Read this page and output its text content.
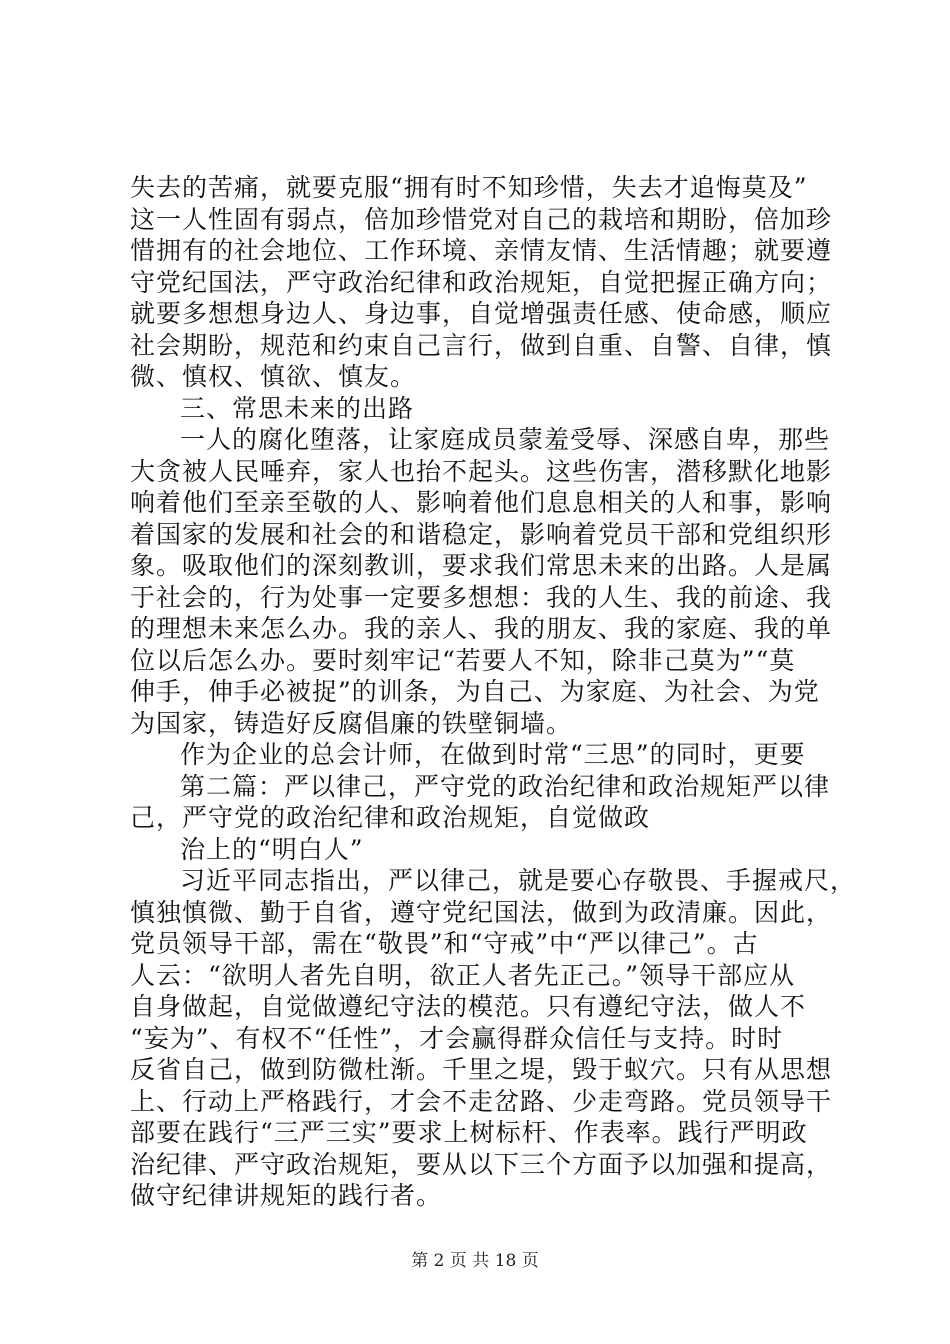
失去的苦痛，就要克服“拥有时不知珍惜，失去才追悔莫及”
这一人性固有弱点，倍加珍惜党对自己的栽培和期盼，倍加珍
惜拥有的社会地位、工作环境、亲情友情、生活情趣；就要遵
守党纪国法，严守政治纪律和政治规矩，自觉把握正确方向；
就要多想想身边人、身边事，自觉增强责任感、使命感，顺应
社会期盼，规范和约束自己言行，做到自重、自警、自律，慎
微、慎权、慎欲、慎友。
三、常思未来的出路
一人的腐化堕落，让家庭成员蒙羞受辱、深感自卑，那些
大贪被人民唾弃，家人也抬不起头。这些伤害，潜移默化地影
响着他们至亲至敬的人、影响着他们息息相关的人和事，影响
着国家的发展和社会的和谐稳定，影响着党员干部和党组织形
象。吸取他们的深刻教训，要求我们常思未来的出路。人是属
于社会的，行为处事一定要多想想：我的人生、我的前途、我
的理想未来怎么办。我的亲人、我的朋友、我的家庭、我的单
位以后怎么办。要时刻牢记“若要人不知，除非己莫为”“莫
伸手，伸手必被捉”的训条，为自己、为家庭、为社会、为党
为国家，铸造好反腐倡廉的铁壁铜墙。
作为企业的总会计师，在做到时常“三思”的同时，更要
第二篇：严以律己，严守党的政治纪律和政治规矩严以律
己，严守党的政治纪律和政治规矩，自觉做政
治上的“明白人”
习近平同志指出，严以律己，就是要心存敬畏、手握戒尺，
慎独慎微、勤于自省，遵守党纪国法，做到为政清廉。因此，
党员领导干部，需在“敬畏”和“守戒”中“严以律己”。古
人云：“欲明人者先自明，欲正人者先正己。”领导干部应从
自身做起，自觉做遵纪守法的模范。只有遵纪守法，做人不
“妄为”、有权不“任性”，才会赢得群众信任与支持。时时
反省自己，做到防微杜渐。千里之堤，毁于蚁穴。只有从思想
上、行动上严格践行，才会不走岔路、少走弯路。党员领导干
第 2 页 共 18 页
部要在践行“三严三实”要求上树标杆、作表率。践行严明政
治纪律、严守政治规矩，要从以下三个方面予以加强和提高，
做守纪律讲规矩的践行者。
